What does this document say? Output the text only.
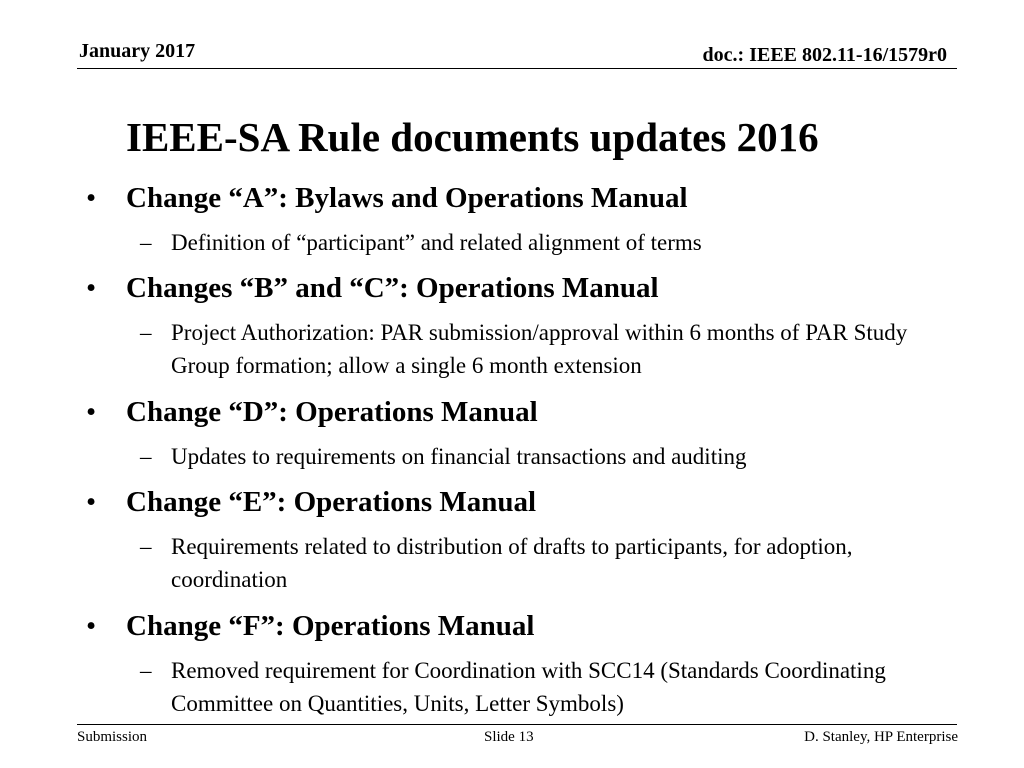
January 2017	doc.: IEEE 802.11-16/1579r0
IEEE-SA Rule documents updates 2016
• Change “A”: Bylaws and Operations Manual
– Definition of “participant” and related alignment of terms
• Changes “B” and “C”: Operations Manual
– Project Authorization: PAR submission/approval within 6 months of PAR Study Group formation; allow a single 6 month extension
• Change “D”: Operations Manual
– Updates to requirements on financial transactions and auditing
• Change “E”: Operations Manual
– Requirements related to distribution of drafts to participants, for adoption, coordination
• Change “F”: Operations Manual
– Removed requirement for Coordination with SCC14 (Standards Coordinating Committee on Quantities, Units, Letter Symbols)
Submission	Slide 13	D. Stanley, HP Enterprise
